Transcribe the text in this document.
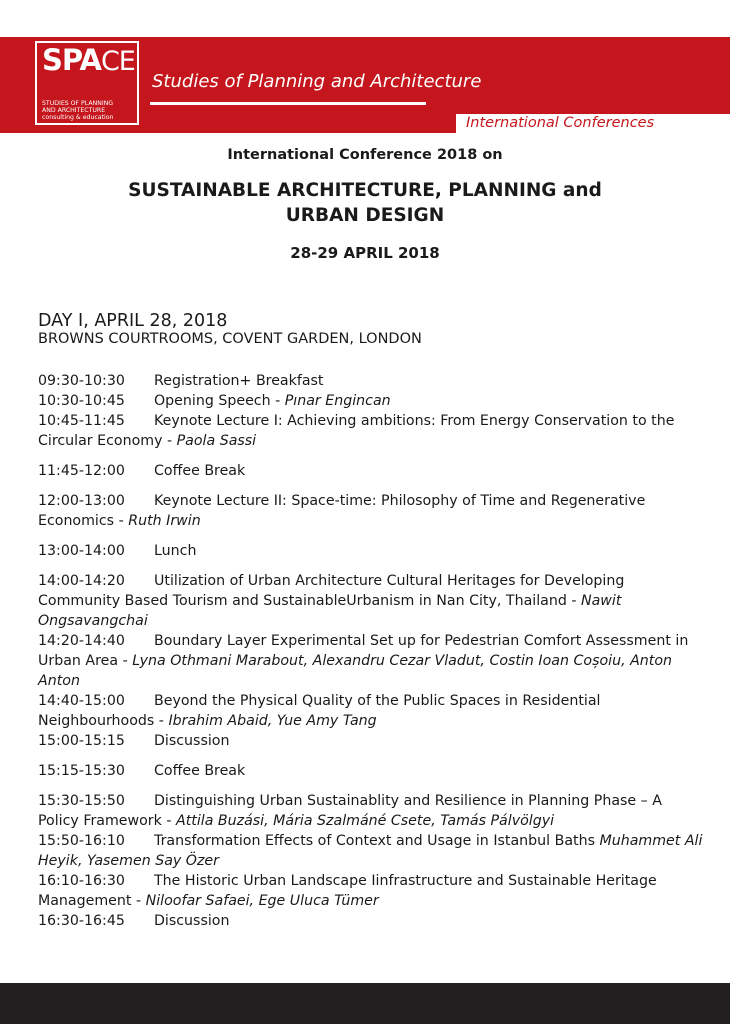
SPACE

STUDIES OF PLANNING
AND ARCHITECTURE
consulting & education

Studies of Planning and Architecture
International Conferences
International Conference 2018 on
SUSTAINABLE ARCHITECTURE, PLANNING and
URBAN DESIGN
28-29 APRIL 2018
DAY I, APRIL 28, 2018
BROWNS COURTROOMS, COVENT GARDEN, LONDON
09:30-10:30 Registration+ Breakfast
10:30-10:45 Opening Speech - Pınar Engincan
10:45-11:45 Keynote Lecture I: Achieving ambitions: From Energy Conservation to the Circular Economy - Paola Sassi
11:45-12:00 Coffee Break
12:00-13:00 Keynote Lecture II: Space-time: Philosophy of Time and Regenerative Economics - Ruth Irwin
13:00-14:00 Lunch
14:00-14:20 Utilization of Urban Architecture Cultural Heritages for Developing Community Based Tourism and SustainableUrbanism in Nan City, Thailand - Nawit Ongsavangchai
14:20-14:40 Boundary Layer Experimental Set up for Pedestrian Comfort Assessment in Urban Area - Lyna Othmani Marabout, Alexandru Cezar Vladut, Costin Ioan Coșoiu, Anton Anton
14:40-15:00 Beyond the Physical Quality of the Public Spaces in Residential Neighbourhoods - Ibrahim Abaid, Yue Amy Tang
15:00-15:15 Discussion
15:15-15:30 Coffee Break
15:30-15:50 Distinguishing Urban Sustainablity and Resilience in Planning Phase – A Policy Framework - Attila Buzási, Mária Szalmáné Csete, Tamás Pálvölgyi
15:50-16:10 Transformation Effects of Context and Usage in Istanbul Baths Muhammet Ali Heyik, Yasemen Say Özer
16:10-16:30 The Historic Urban Landscape Iinfrastructure and Sustainable Heritage Management - Niloofar Safaei, Ege Uluca Tümer
16:30-16:45 Discussion
